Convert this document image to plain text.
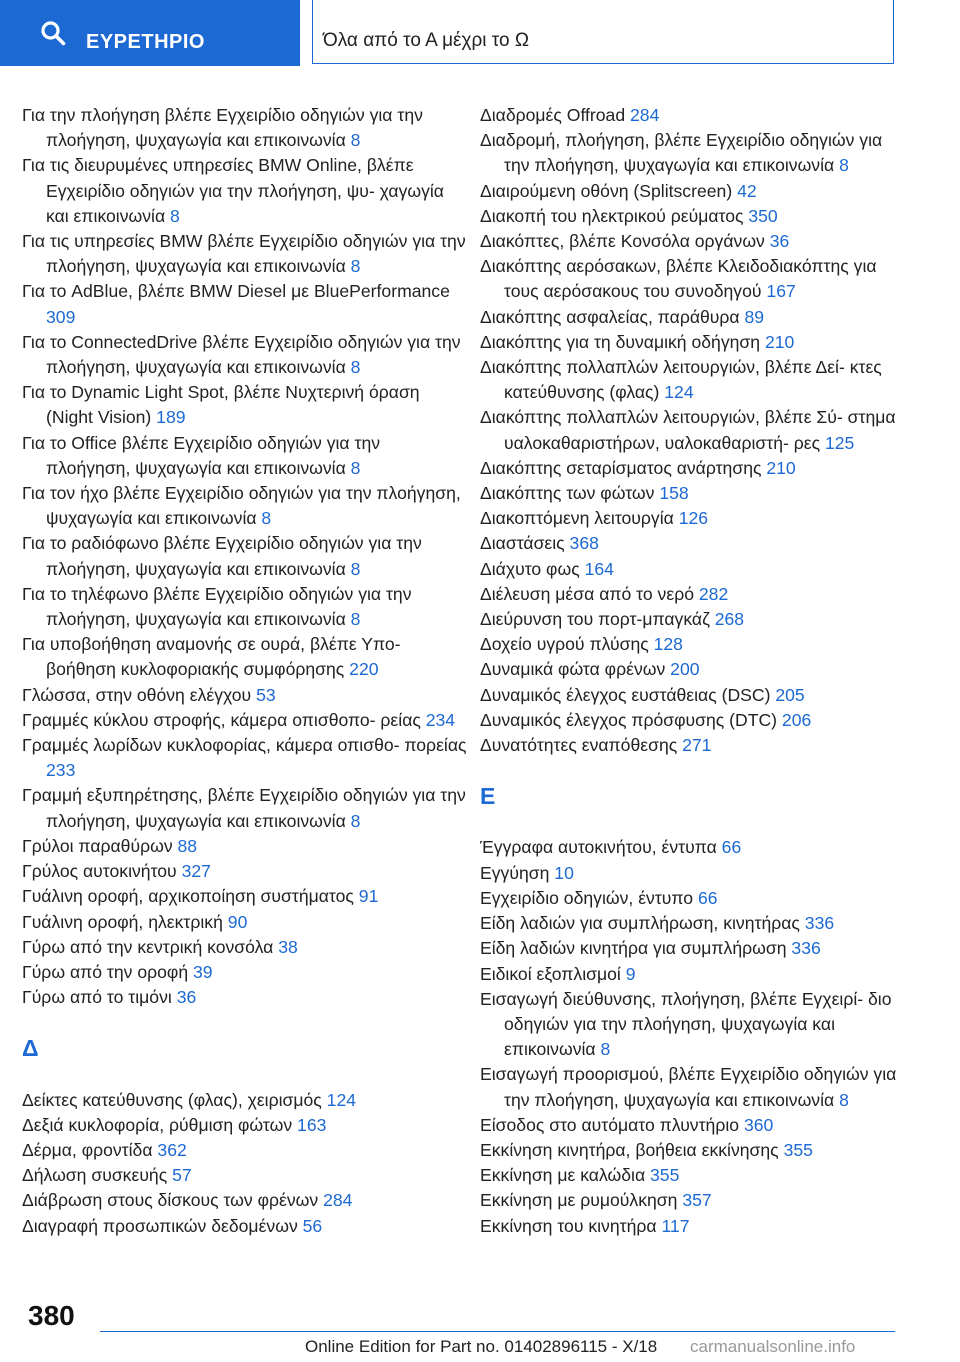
ΕΥΡΕΤΗΡΙΟ	Όλα από το Α μέχρι το Ω
Για την πλοήγηση βλέπε Εγχειρίδιο οδηγιών για την πλοήγηση, ψυχαγωγία και επικοινωνία 8
Για τις διευρυμένες υπηρεσίες BMW Online, βλέπε Εγχειρίδιο οδηγιών για την πλοήγηση, ψυ- χαγωγία και επικοινωνία 8
Για τις υπηρεσίες BMW βλέπε Εγχειρίδιο οδηγιών για την πλοήγηση, ψυχαγωγία και επικοινωνία 8
Για το AdBlue, βλέπε BMW Diesel με BluePerformance 309
Για το ConnectedDrive βλέπε Εγχειρίδιο οδηγιών για την πλοήγηση, ψυχαγωγία και επικοινωνία 8
Για το Dynamic Light Spot, βλέπε Νυχτερινή όραση (Night Vision) 189
Για το Office βλέπε Εγχειρίδιο οδηγιών για την πλοήγηση, ψυχαγωγία και επικοινωνία 8
Για τον ήχο βλέπε Εγχειρίδιο οδηγιών για την πλοήγηση, ψυχαγωγία και επικοινωνία 8
Για το ραδιόφωνο βλέπε Εγχειρίδιο οδηγιών για την πλοήγηση, ψυχαγωγία και επικοινωνία 8
Για το τηλέφωνο βλέπε Εγχειρίδιο οδηγιών για την πλοήγηση, ψυχαγωγία και επικοινωνία 8
Για υποβοήθηση αναμονής σε ουρά, βλέπε Υπο- βοήθηση κυκλοφοριακής συμφόρησης 220
Γλώσσα, στην οθόνη ελέγχου 53
Γραμμές κύκλου στροφής, κάμερα οπισθοπο- ρείας 234
Γραμμές λωρίδων κυκλοφορίας, κάμερα οπισθο- πορείας 233
Γραμμή εξυπηρέτησης, βλέπε Εγχειρίδιο οδηγιών για την πλοήγηση, ψυχαγωγία και επικοινωνία 8
Γρύλοι παραθύρων 88
Γρύλος αυτοκινήτου 327
Γυάλινη οροφή, αρχικοποίηση συστήματος 91
Γυάλινη οροφή, ηλεκτρική 90
Γύρω από την κεντρική κονσόλα 38
Γύρω από την οροφή 39
Γύρω από το τιμόνι 36
Δ
Δείκτες κατεύθυνσης (φλας), χειρισμός 124
Δεξιά κυκλοφορία, ρύθμιση φώτων 163
Δέρμα, φροντίδα 362
Δήλωση συσκευής 57
Διάβρωση στους δίσκους των φρένων 284
Διαγραφή προσωπικών δεδομένων 56
Διαδρομές Offroad 284
Διαδρομή, πλοήγηση, βλέπε Εγχειρίδιο οδηγιών για την πλοήγηση, ψυχαγωγία και επικοινωνία 8
Διαιρούμενη οθόνη (Splitscreen) 42
Διακοπή του ηλεκτρικού ρεύματος 350
Διακόπτες, βλέπε Κονσόλα οργάνων 36
Διακόπτης αερόσακων, βλέπε Κλειδοδιακόπτης για τους αερόσακους του συνοδηγού 167
Διακόπτης ασφαλείας, παράθυρα 89
Διακόπτης για τη δυναμική οδήγηση 210
Διακόπτης πολλαπλών λειτουργιών, βλέπε Δεί- κτες κατεύθυνσης (φλας) 124
Διακόπτης πολλαπλών λειτουργιών, βλέπε Σύ- στημα υαλοκαθαριστήρων, υαλοκαθαριστή- ρες 125
Διακόπτης σεταρίσματος ανάρτησης 210
Διακόπτης των φώτων 158
Διακοπτόμενη λειτουργία 126
Διαστάσεις 368
Διάχυτο φως 164
Διέλευση μέσα από το νερό 282
Διεύρυνση του πορτ-μπαγκάζ 268
Δοχείο υγρού πλύσης 128
Δυναμικά φώτα φρένων 200
Δυναμικός έλεγχος ευστάθειας (DSC) 205
Δυναμικός έλεγχος πρόσφυσης (DTC) 206
Δυνατότητες εναπόθεσης 271
Ε
Έγγραφα αυτοκινήτου, έντυπα 66
Εγγύηση 10
Εγχειρίδιο οδηγιών, έντυπο 66
Είδη λαδιών για συμπλήρωση, κινητήρας 336
Είδη λαδιών κινητήρα για συμπλήρωση 336
Ειδικοί εξοπλισμοί 9
Εισαγωγή διεύθυνσης, πλοήγηση, βλέπε Εγχειρί- διο οδηγιών για την πλοήγηση, ψυχαγωγία και επικοινωνία 8
Εισαγωγή προορισμού, βλέπε Εγχειρίδιο οδηγιών για την πλοήγηση, ψυχαγωγία και επικοινωνία 8
Είσοδος στο αυτόματο πλυντήριο 360
Εκκίνηση κινητήρα, βοήθεια εκκίνησης 355
Εκκίνηση με καλώδια 355
Εκκίνηση με ρυμούλκηση 357
Εκκίνηση του κινητήρα 117
380
Online Edition for Part no. 01402896115 - X/18 carmanualsonline.info
